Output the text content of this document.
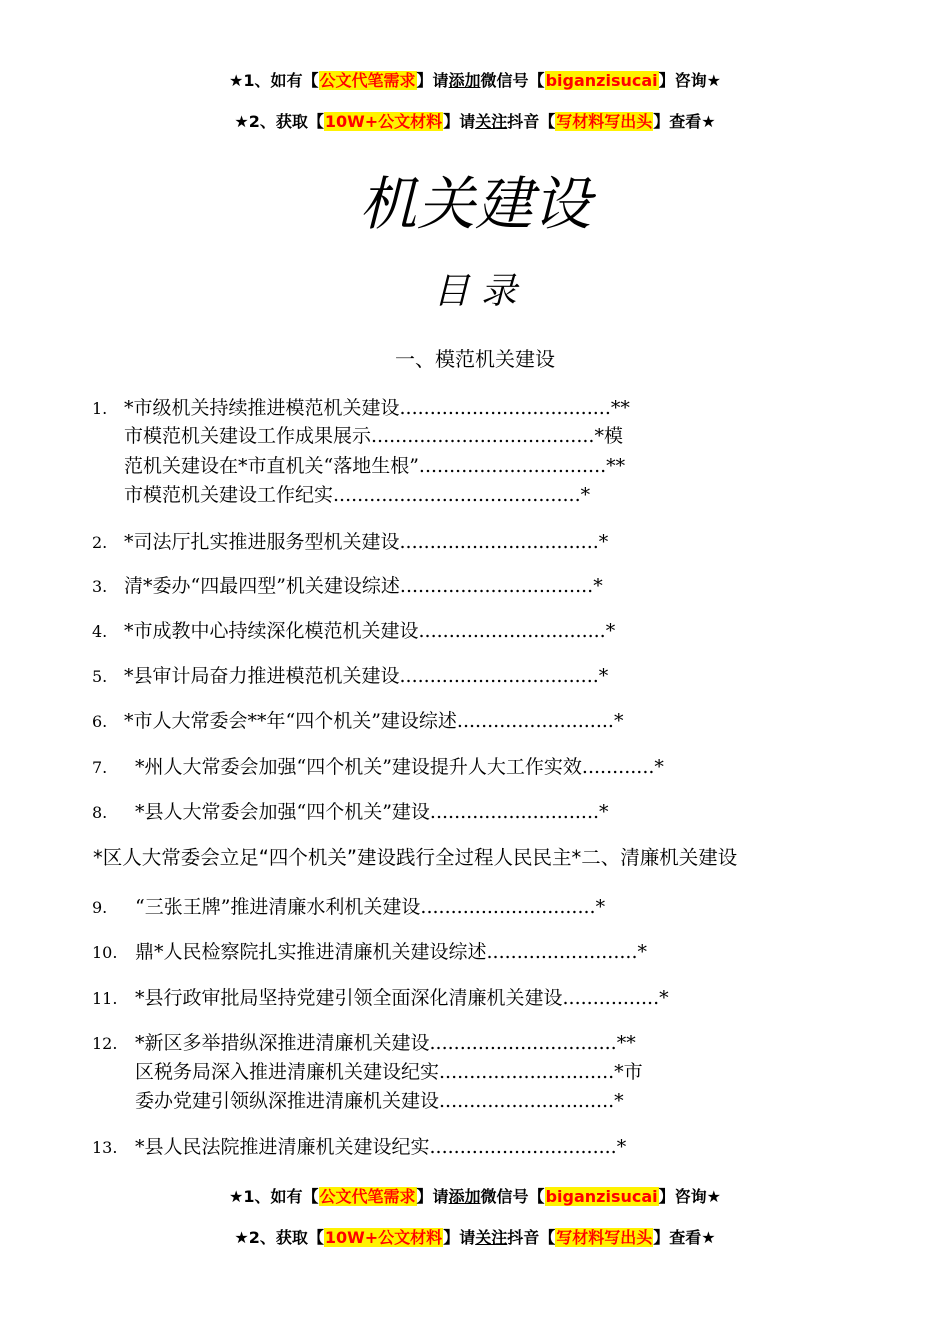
★1、如有【公文代笔需求】请添加微信号【biganzisucai】咨询★
★2、获取【10W+公文材料】请关注抖音【写材料写出头】查看★
机关建设
目 录
一、模范机关建设
1. *市级机关持续推进模范机关建设...................................**
市模范机关建设工作成果展示.....................................*模
范机关建设在*市直机关“落地生根”...............................**
市模范机关建设工作纪实.........................................*
2. *司法厅扎实推进服务型机关建设.................................*
3. 清*委办“四最四型”机关建设综述................................*
4. *市成教中心持续深化模范机关建设...............................*
5. *县审计局奋力推进模范机关建设.................................*
6. *市人大常委会**年“四个机关”建设综述..........................*
7. *州人大常委会加强“四个机关”建设提升人大工作实效............*
8. *县人大常委会加强“四个机关”建设............................*
*区人大常委会立足“四个机关”建设践行全过程人民民主*二、清廉机关建设
9. “三张王牌”推进清廉水利机关建设.............................*
10. 鼎*人民检察院扎实推进清廉机关建设综述.........................*
11. *县行政审批局坚持党建引领全面深化清廉机关建设................*
12. *新区多举措纵深推进清廉机关建设...............................**
区税务局深入推进清廉机关建设纪实.............................*市
委办党建引领纵深推进清廉机关建设.............................*
13. *县人民法院推进清廉机关建设纪实...............................*
★1、如有【公文代笔需求】请添加微信号【biganzisucai】咨询★
★2、获取【10W+公文材料】请关注抖音【写材料写出头】查看★
